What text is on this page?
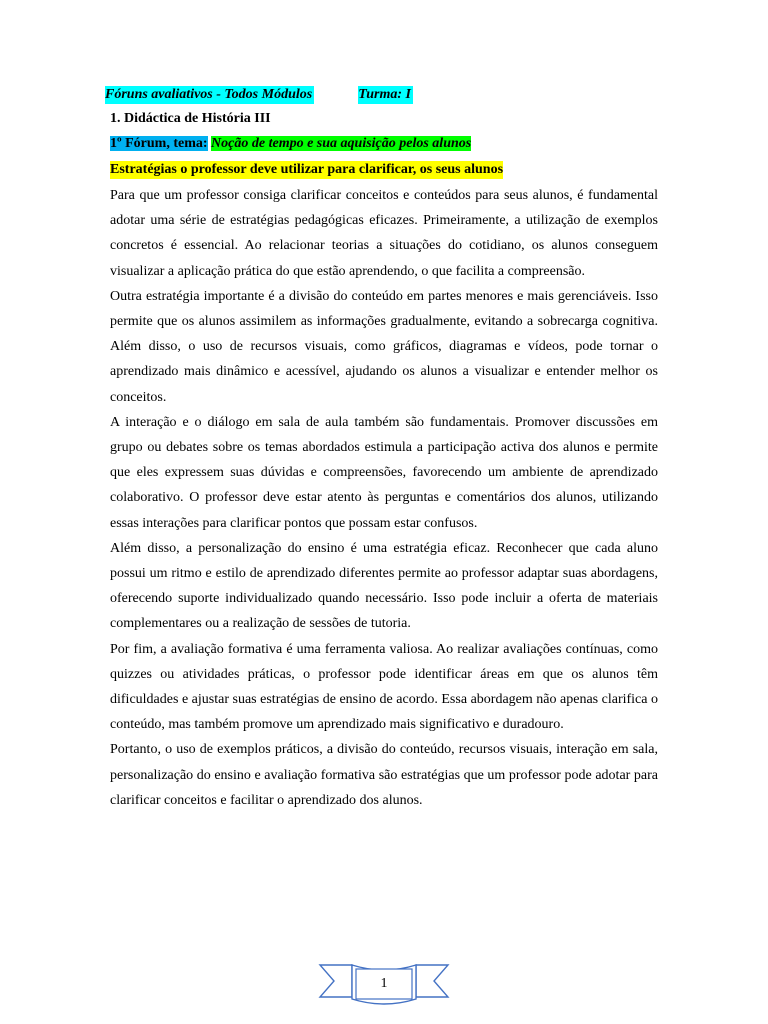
Fóruns avaliativos - Todos Módulos	Turma: I
1. Didáctica de História III
1º Fórum, tema: Noção de tempo e sua aquisição pelos alunos
Estratégias o professor deve utilizar para clarificar, os seus alunos

Para que um professor consiga clarificar conceitos e conteúdos para seus alunos, é fundamental adotar uma série de estratégias pedagógicas eficazes. Primeiramente, a utilização de exemplos concretos é essencial. Ao relacionar teorias a situações do cotidiano, os alunos conseguem visualizar a aplicação prática do que estão aprendendo, o que facilita a compreensão.

Outra estratégia importante é a divisão do conteúdo em partes menores e mais gerenciáveis. Isso permite que os alunos assimilem as informações gradualmente, evitando a sobrecarga cognitiva. Além disso, o uso de recursos visuais, como gráficos, diagramas e vídeos, pode tornar o aprendizado mais dinâmico e acessível, ajudando os alunos a visualizar e entender melhor os conceitos.

A interação e o diálogo em sala de aula também são fundamentais. Promover discussões em grupo ou debates sobre os temas abordados estimula a participação activa dos alunos e permite que eles expressem suas dúvidas e compreensões, favorecendo um ambiente de aprendizado colaborativo. O professor deve estar atento às perguntas e comentários dos alunos, utilizando essas interações para clarificar pontos que possam estar confusos.

Além disso, a personalização do ensino é uma estratégia eficaz. Reconhecer que cada aluno possui um ritmo e estilo de aprendizado diferentes permite ao professor adaptar suas abordagens, oferecendo suporte individualizado quando necessário. Isso pode incluir a oferta de materiais complementares ou a realização de sessões de tutoria.

Por fim, a avaliação formativa é uma ferramenta valiosa. Ao realizar avaliações contínuas, como quizzes ou atividades práticas, o professor pode identificar áreas em que os alunos têm dificuldades e ajustar suas estratégias de ensino de acordo. Essa abordagem não apenas clarifica o conteúdo, mas também promove um aprendizado mais significativo e duradouro.

Portanto, o uso de exemplos práticos, a divisão do conteúdo, recursos visuais, interação em sala, personalização do ensino e avaliação formativa são estratégias que um professor pode adotar para clarificar conceitos e facilitar o aprendizado dos alunos.

1
